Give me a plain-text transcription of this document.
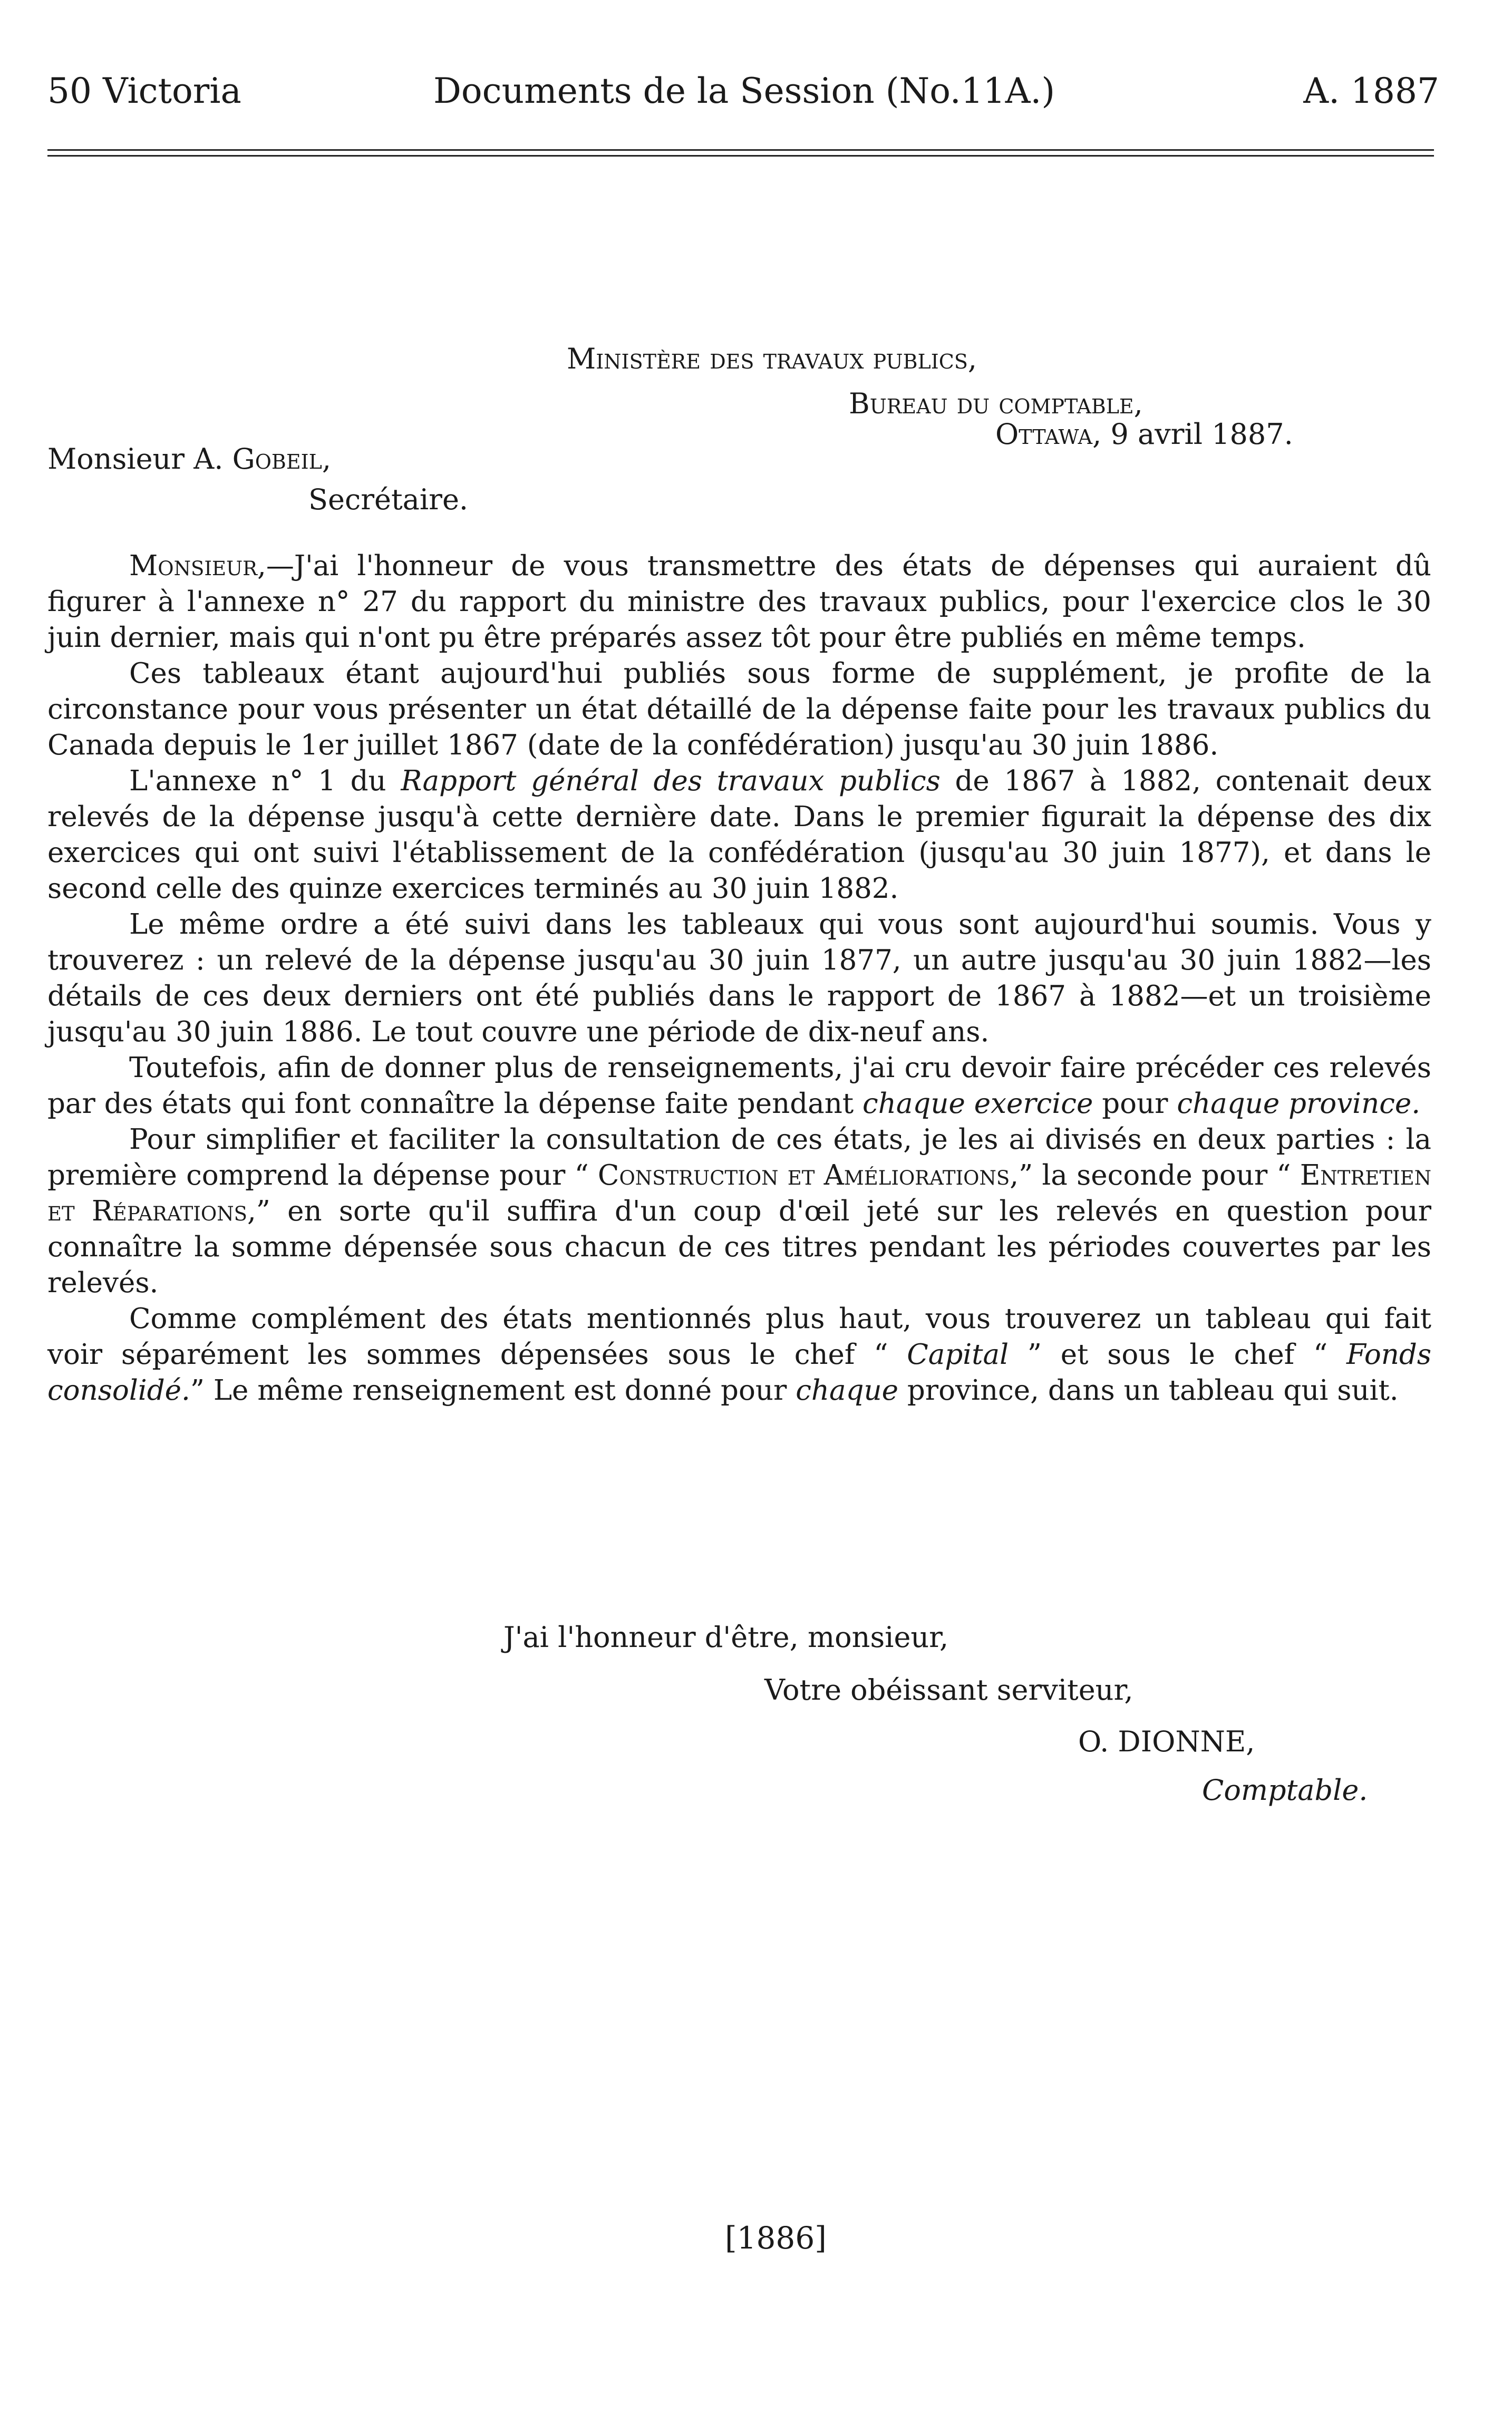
50 Victoria	Documents de la Session (No.11A.)	A. 1887
Ministère des travaux publics,
Bureau du comptable,
Ottawa, 9 avril 1887.
Monsieur A. Gobeil,
Secrétaire.

Monsieur,—J'ai l'honneur de vous transmettre des états de dépenses qui auraient dû figurer à l'annexe n° 27 du rapport du ministre des travaux publics, pour l'exercice clos le 30 juin dernier, mais qui n'ont pu être préparés assez tôt pour être publiés en même temps.

Ces tableaux étant aujourd'hui publiés sous forme de supplément, je profite de la circonstance pour vous présenter un état détaillé de la dépense faite pour les travaux publics du Canada depuis le 1er juillet 1867 (date de la confédération) jusqu'au 30 juin 1886.

L'annexe n° 1 du Rapport général des travaux publics de 1867 à 1882, contenait deux relevés de la dépense jusqu'à cette dernière date. Dans le premier figurait la dépense des dix exercices qui ont suivi l'établissement de la confédération (jusqu'au 30 juin 1877), et dans le second celle des quinze exercices terminés au 30 juin 1882.

Le même ordre a été suivi dans les tableaux qui vous sont aujourd'hui soumis. Vous y trouverez : un relevé de la dépense jusqu'au 30 juin 1877, un autre jusqu'au 30 juin 1882—les détails de ces deux derniers ont été publiés dans le rapport de 1867 à 1882—et un troisième jusqu'au 30 juin 1886. Le tout couvre une période de dix-neuf ans.

Toutefois, afin de donner plus de renseignements, j'ai cru devoir faire précéder ces relevés par des états qui font connaître la dépense faite pendant chaque exercice pour chaque province.

Pour simplifier et faciliter la consultation de ces états, je les ai divisés en deux parties : la première comprend la dépense pour “ Construction et Améliorations,” la seconde pour “ Entretien et Réparations,” en sorte qu'il suffira d'un coup d'œil jeté sur les relevés en question pour connaître la somme dépensée sous chacun de ces titres pendant les périodes couvertes par les relevés.

Comme complément des états mentionnés plus haut, vous trouverez un tableau qui fait voir séparément les sommes dépensées sous le chef “ Capital ” et sous le chef “ Fonds consolidé.” Le même renseignement est donné pour chaque province, dans un tableau qui suit.

J'ai l'honneur d'être, monsieur,
Votre obéissant serviteur,
O. DIONNE,
Comptable.
[1886]
